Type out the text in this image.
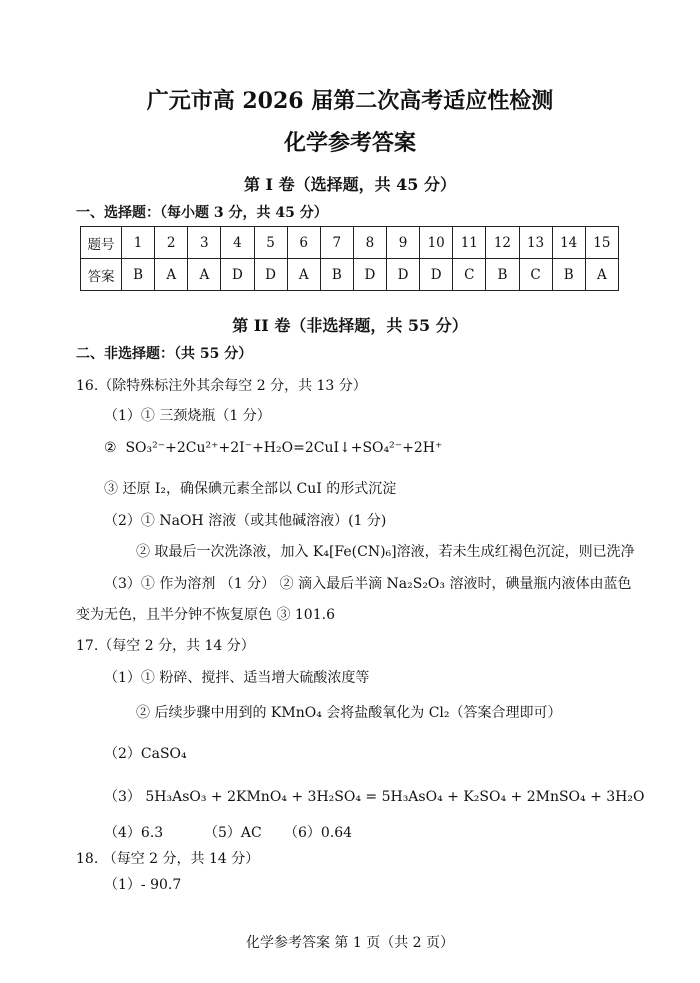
广元市高 2026 届第二次高考适应性检测
化学参考答案
第 I 卷（选择题，共 45 分）
一、选择题：（每小题 3 分，共 45 分）
题号	1	2	3	4	5	6	7	8	9	10	11	12	13	14	15
答案	B	A	A	D	D	A	B	D	D	D	C	B	C	B	A
第 II 卷（非选择题，共 55 分）
二、非选择题：（共 55 分）
16.（除特殊标注外其余每空 2 分，共 13 分）
（1）① 三颈烧瓶（1 分）
② SO₃²⁻+2Cu²⁺+2I⁻+H₂O=2CuI↓+SO₄²⁻+2H⁺
③ 还原 I₂，确保碘元素全部以 CuI 的形式沉淀
（2）① NaOH 溶液（或其他碱溶液）(1 分)
② 取最后一次洗涤液，加入 K₄[Fe(CN)₆]溶液，若未生成红褐色沉淀，则已洗净
（3）① 作为溶剂 （1 分） ② 滴入最后半滴 Na₂S₂O₃ 溶液时，碘量瓶内液体由蓝色
变为无色，且半分钟不恢复原色 ③ 101.6
17.（每空 2 分，共 14 分）
（1）① 粉碎、搅拌、适当增大硫酸浓度等
② 后续步骤中用到的 KMnO₄ 会将盐酸氧化为 Cl₂（答案合理即可）
（2）CaSO₄
（3） 5H₃AsO₃ + 2KMnO₄ + 3H₂SO₄ = 5H₃AsO₄ + K₂SO₄ + 2MnSO₄ + 3H₂O
（4）6.3	（5）AC （6）0.64
18. （每空 2 分，共 14 分）
（1）- 90.7
化学参考答案 第 1 页（共 2 页）
